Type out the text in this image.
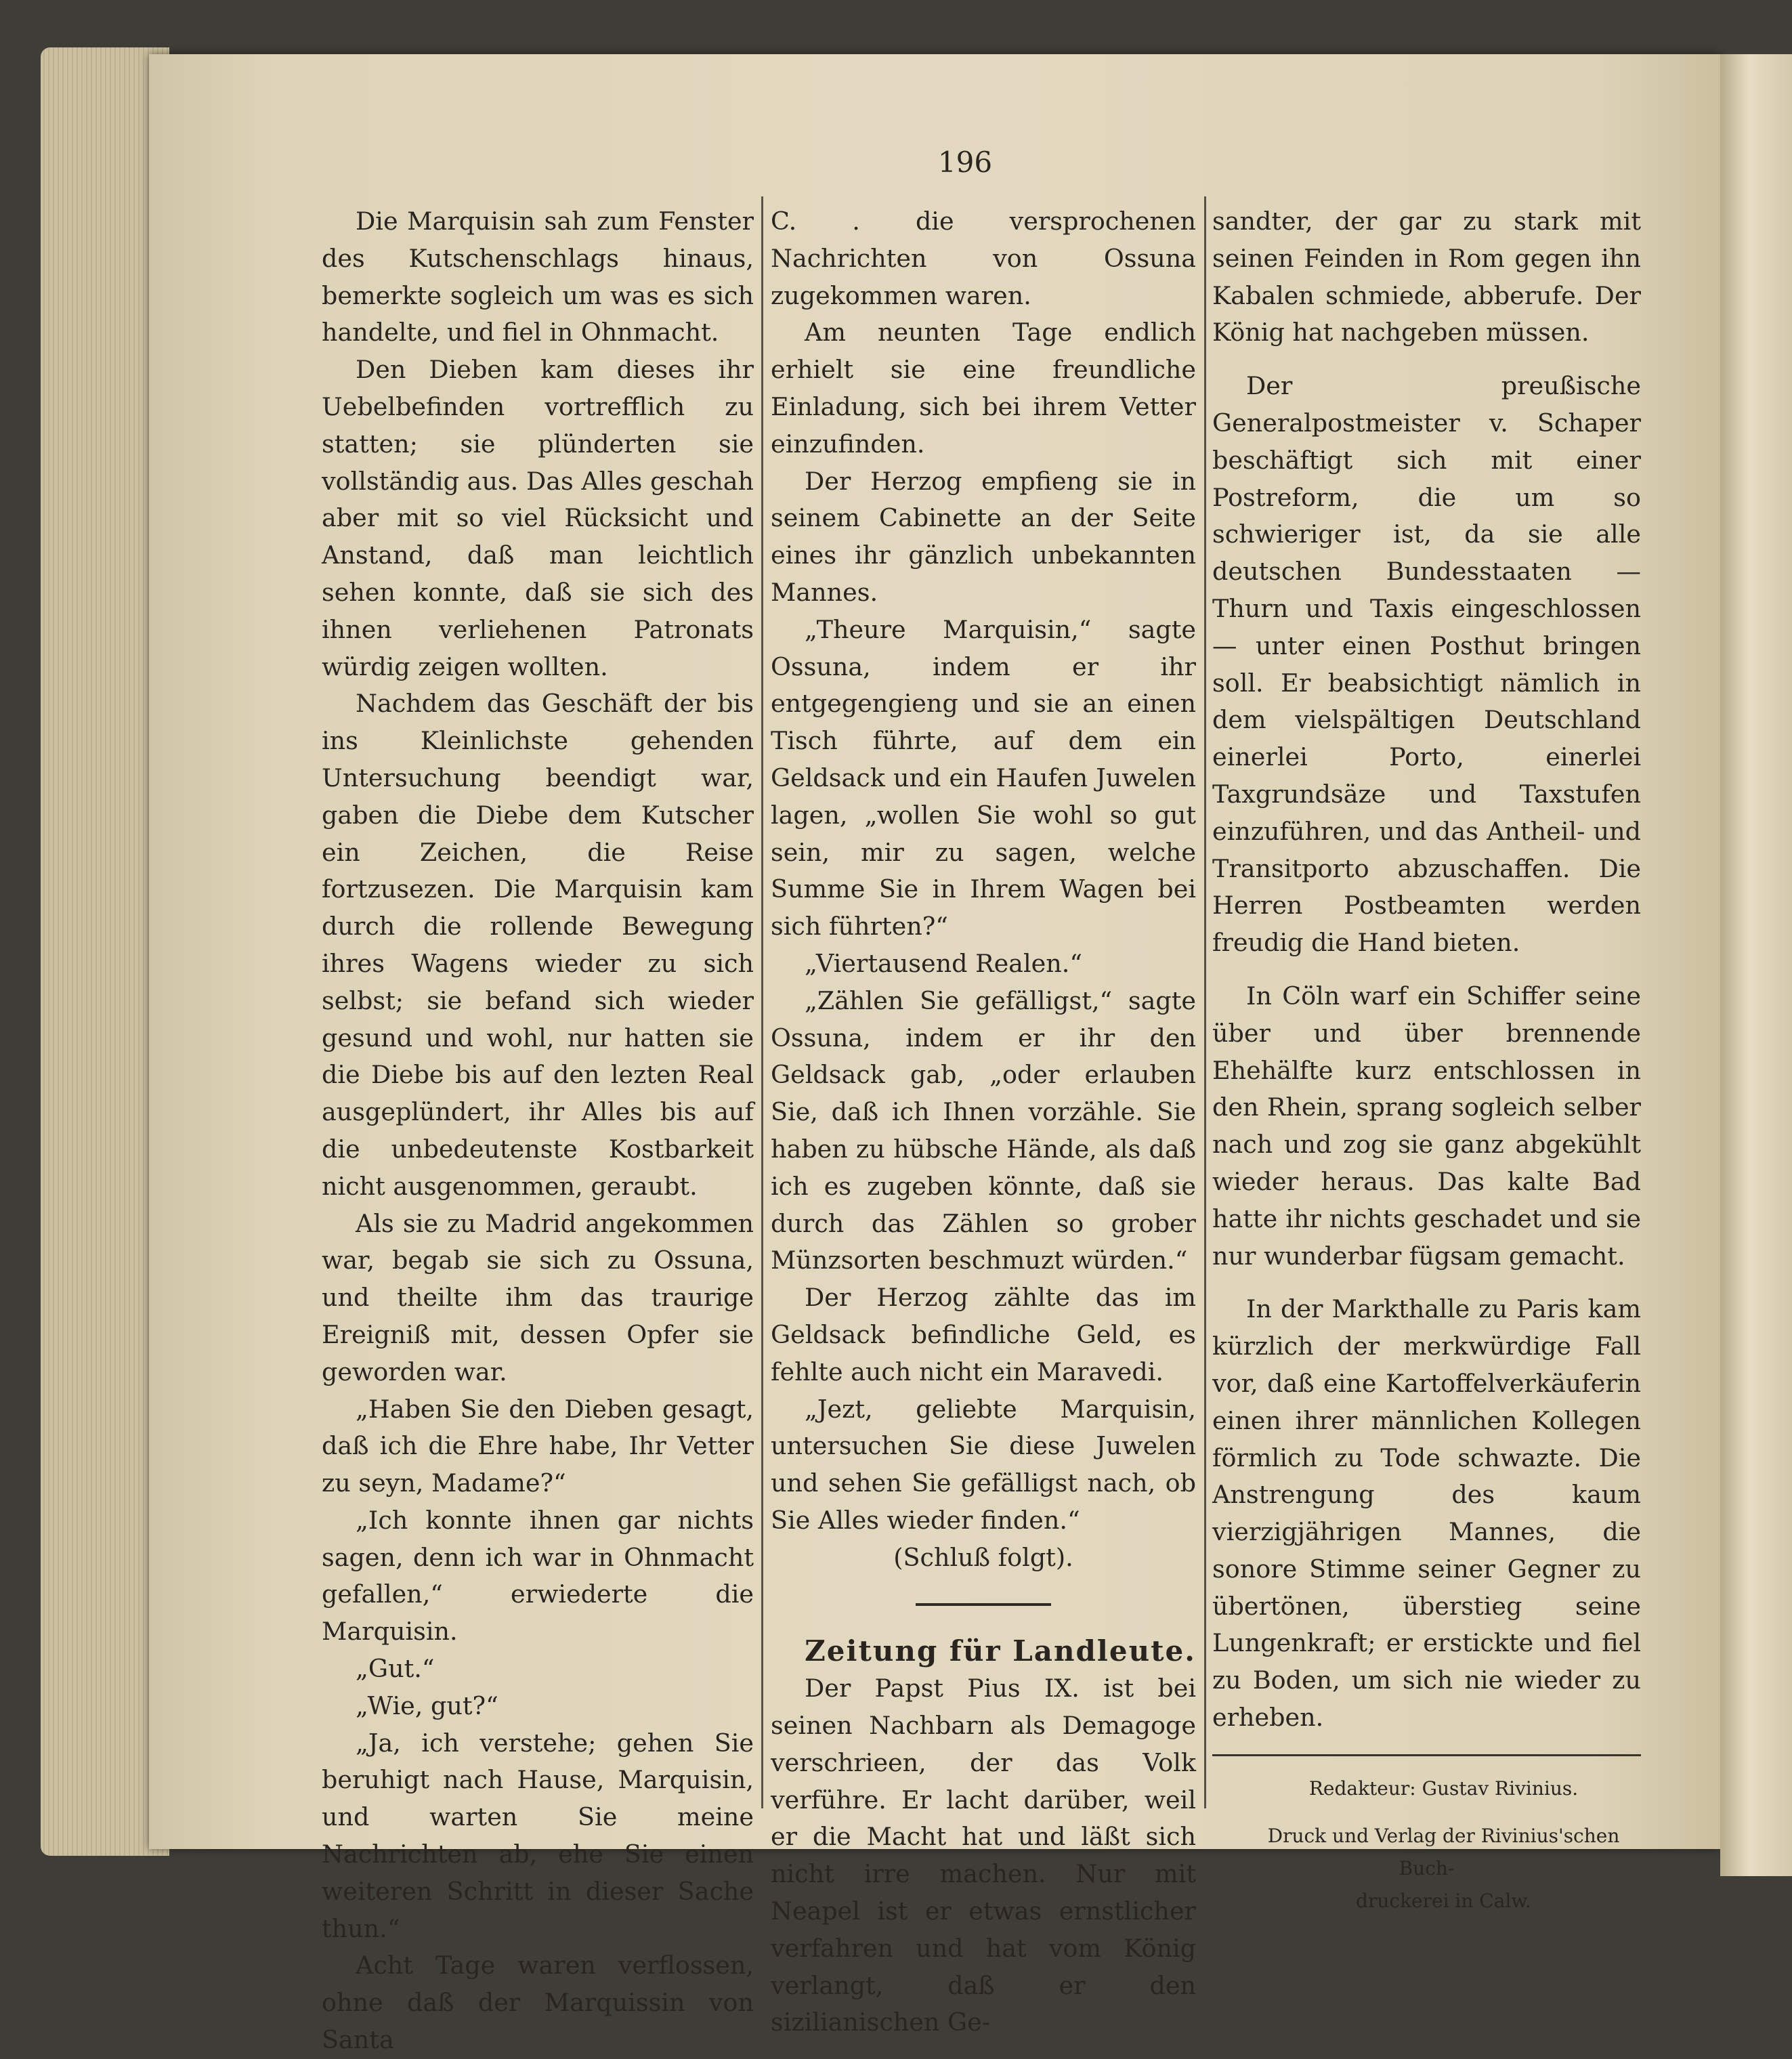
196

Die Marquisin sah zum Fenster des Kutschenschlags hinaus, bemerkte sogleich um was es sich handelte, und fiel in Ohnmacht.

Den Dieben kam dieses ihr Uebelbefinden vortrefflich zu statten; sie plünderten sie vollständig aus. Das Alles geschah aber mit so viel Rücksicht und Anstand, daß man leichtlich sehen konnte, daß sie sich des ihnen verliehenen Patronats würdig zeigen wollten.

Nachdem das Geschäft der bis ins Kleinlichste gehenden Untersuchung beendigt war, gaben die Diebe dem Kutscher ein Zeichen, die Reise fortzusezen. Die Marquisin kam durch die rollende Bewegung ihres Wagens wieder zu sich selbst; sie befand sich wieder gesund und wohl, nur hatten sie die Diebe bis auf den lezten Real ausgeplündert, ihr Alles bis auf die unbedeutenste Kostbarkeit nicht ausgenommen, geraubt.

Als sie zu Madrid angekommen war, begab sie sich zu Ossuna, und theilte ihm das traurige Ereigniß mit, dessen Opfer sie geworden war.

„Haben Sie den Dieben gesagt, daß ich die Ehre habe, Ihr Vetter zu seyn, Madame?“

„Ich konnte ihnen gar nichts sagen, denn ich war in Ohnmacht gefallen,“ erwiederte die Marquisin.

„Gut.“

„Wie, gut?“

„Ja, ich verstehe; gehen Sie beruhigt nach Hause, Marquisin, und warten Sie meine Nachrichten ab, ehe Sie einen weiteren Schritt in dieser Sache thun.“

Acht Tage waren verflossen, ohne daß der Marquissin von Santa

C. . die versprochenen Nachrichten von Ossuna zugekommen waren.

Am neunten Tage endlich erhielt sie eine freundliche Einladung, sich bei ihrem Vetter einzufinden.

Der Herzog empfieng sie in seinem Cabinette an der Seite eines ihr gänzlich unbekannten Mannes.

„Theure Marquisin,“ sagte Ossuna, indem er ihr entgegengieng und sie an einen Tisch führte, auf dem ein Geldsack und ein Haufen Juwelen lagen, „wollen Sie wohl so gut sein, mir zu sagen, welche Summe Sie in Ihrem Wagen bei sich führten?“

„Viertausend Realen.“

„Zählen Sie gefälligst,“ sagte Ossuna, indem er ihr den Geldsack gab, „oder erlauben Sie, daß ich Ihnen vorzähle. Sie haben zu hübsche Hände, als daß ich es zugeben könnte, daß sie durch das Zählen so grober Münzsorten beschmuzt würden.“

Der Herzog zählte das im Geldsack befindliche Geld, es fehlte auch nicht ein Maravedi.

„Jezt, geliebte Marquisin, untersuchen Sie diese Juwelen und sehen Sie gefälligst nach, ob Sie Alles wieder finden.“

(Schluß folgt).

Zeitung für Landleute.

Der Papst Pius IX. ist bei seinen Nachbarn als Demagoge verschrieen, der das Volk verführe. Er lacht darüber, weil er die Macht hat und läßt sich nicht irre machen. Nur mit Neapel ist er etwas ernstlicher verfahren und hat vom König verlangt, daß er den sizilianischen Ge-

sandter, der gar zu stark mit seinen Feinden in Rom gegen ihn Kabalen schmiede, abberufe. Der König hat nachgeben müssen.

Der preußische Generalpostmeister v. Schaper beschäftigt sich mit einer Postreform, die um so schwieriger ist, da sie alle deutschen Bundesstaaten — Thurn und Taxis eingeschlossen — unter einen Posthut bringen soll. Er beabsichtigt nämlich in dem vielspältigen Deutschland einerlei Porto, einerlei Taxgrundsäze und Taxstufen einzuführen, und das Antheil- und Transitporto abzuschaffen. Die Herren Postbeamten werden freudig die Hand bieten.

In Cöln warf ein Schiffer seine über und über brennende Ehehälfte kurz entschlossen in den Rhein, sprang sogleich selber nach und zog sie ganz abgekühlt wieder heraus. Das kalte Bad hatte ihr nichts geschadet und sie nur wunderbar fügsam gemacht.

In der Markthalle zu Paris kam kürzlich der merkwürdige Fall vor, daß eine Kartoffelverkäuferin einen ihrer männlichen Kollegen förmlich zu Tode schwazte. Die Anstrengung des kaum vierzigjährigen Mannes, die sonore Stimme seiner Gegner zu übertönen, überstieg seine Lungenkraft; er erstickte und fiel zu Boden, um sich nie wieder zu erheben.

Redakteur: Gustav Rivinius.

Druck und Verlag der Rivinius'schen Buch-

druckerei in Calw.
